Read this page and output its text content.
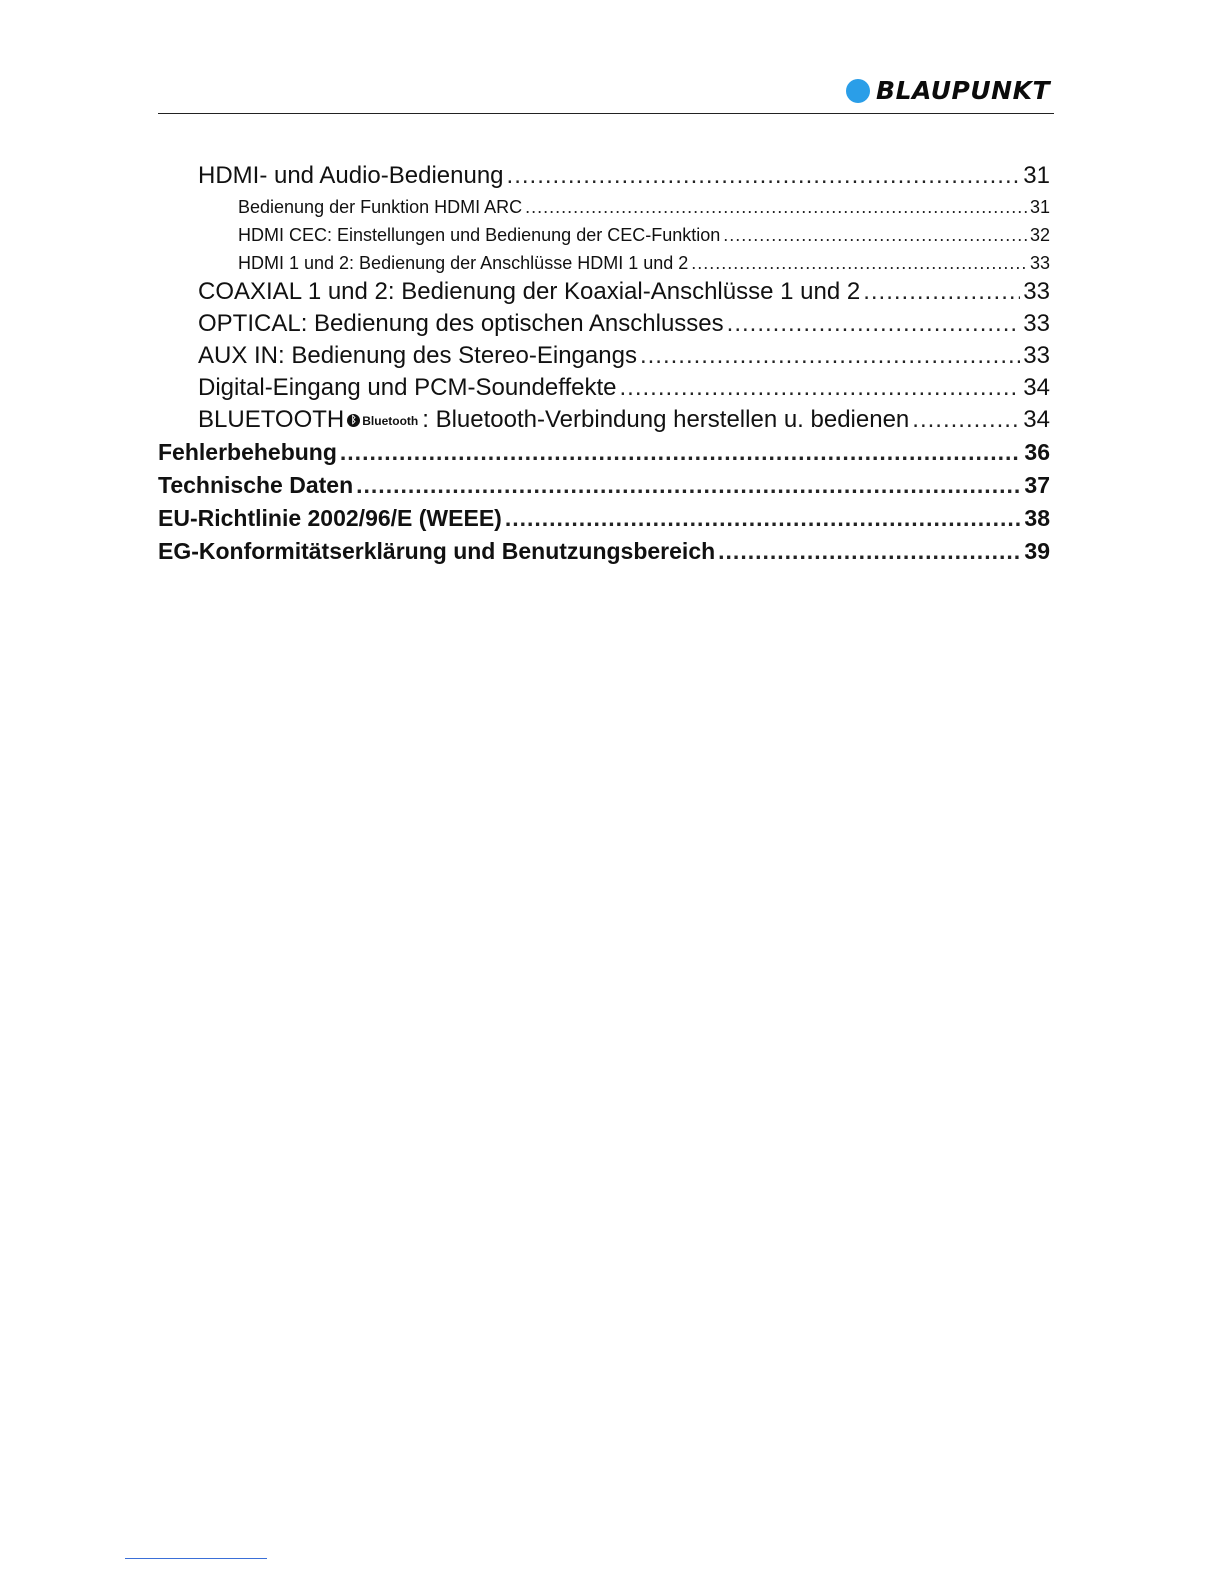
BLAUPUNKT
HDMI- und Audio-Bedienung .....	31
Bedienung der Funktion HDMI ARC .....	31
HDMI CEC: Einstellungen und Bedienung der CEC-Funktion .....	32
HDMI 1 und 2: Bedienung der Anschlüsse HDMI 1 und 2 .....	33
COAXIAL 1 und 2: Bedienung der Koaxial-Anschlüsse 1 und 2 .....	33
OPTICAL: Bedienung des optischen Anschlusses .....	33
AUX IN: Bedienung des Stereo-Eingangs .....	33
Digital-Eingang und PCM-Soundeffekte .....	34
BLUETOOTH ᛒ Bluetooth : Bluetooth-Verbindung herstellen u. bedienen .....	34
Fehlerbehebung .....	36
Technische Daten .....	37
EU-Richtlinie 2002/96/E (WEEE) .....	38
EG-Konformitätserklärung und Benutzungsbereich .....	39
